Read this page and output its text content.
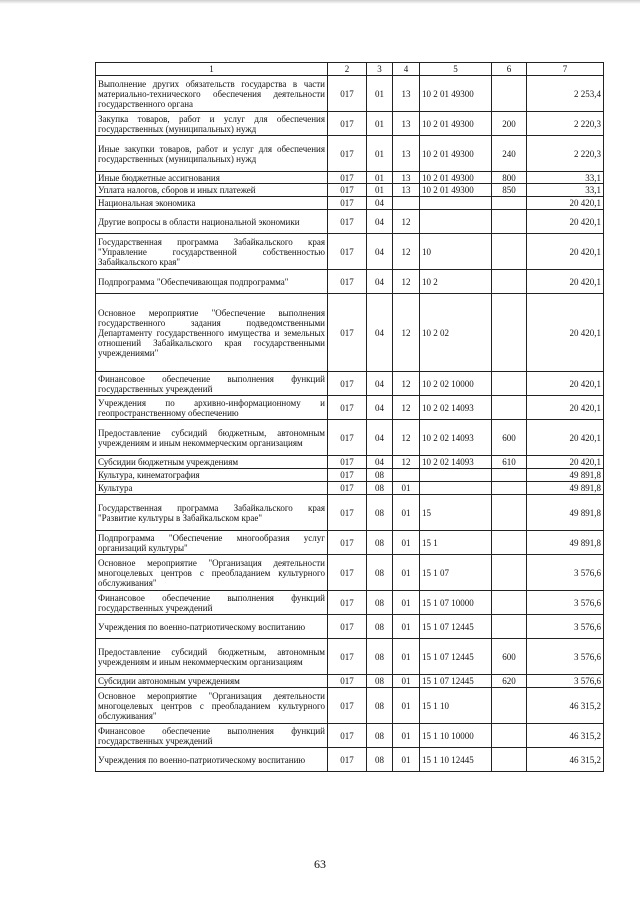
1	2	3	4	5	6	7
Выполнение других обязательств государства в части материально-технического обеспечения деятельности государственного органа	017	01	13	10 2 01 49300		2 253,4
Закупка товаров, работ и услуг для обеспечения государственных (муниципальных) нужд	017	01	13	10 2 01 49300	200	2 220,3
Иные закупки товаров, работ и услуг для обеспечения государственных (муниципальных) нужд	017	01	13	10 2 01 49300	240	2 220,3
Иные бюджетные ассигнования	017	01	13	10 2 01 49300	800	33,1
Уплата налогов, сборов и иных платежей	017	01	13	10 2 01 49300	850	33,1
Национальная экономика	017	04				20 420,1
Другие вопросы в области национальной экономики	017	04	12			20 420,1
Государственная программа Забайкальского края "Управление государственной собственностью Забайкальского края"	017	04	12	10		20 420,1
Подпрограмма "Обеспечивающая подпрограмма"	017	04	12	10 2		20 420,1
Основное мероприятие "Обеспечение выполнения государственного задания подведомственными Департаменту государственного имущества и земельных отношений Забайкальского края государственными учреждениями"	017	04	12	10 2 02		20 420,1
Финансовое обеспечение выполнения функций государственных учреждений	017	04	12	10 2 02 10000		20 420,1
Учреждения по архивно-информационному и геопространственному обеспечению	017	04	12	10 2 02 14093		20 420,1
Предоставление субсидий бюджетным, автономным учреждениям и иным некоммерческим организациям	017	04	12	10 2 02 14093	600	20 420,1
Субсидии бюджетным учреждениям	017	04	12	10 2 02 14093	610	20 420,1
Культура, кинематография	017	08				49 891,8
Культура	017	08	01			49 891,8
Государственная программа Забайкальского края "Развитие культуры в Забайкальском крае"	017	08	01	15		49 891,8
Подпрограмма "Обеспечение многообразия услуг организаций культуры"	017	08	01	15 1		49 891,8
Основное мероприятие "Организация деятельности многоцелевых центров с преобладанием культурного обслуживания"	017	08	01	15 1 07		3 576,6
Финансовое обеспечение выполнения функций государственных учреждений	017	08	01	15 1 07 10000		3 576,6
Учреждения по военно-патриотическому воспитанию	017	08	01	15 1 07 12445		3 576,6
Предоставление субсидий бюджетным, автономным учреждениям и иным некоммерческим организациям	017	08	01	15 1 07 12445	600	3 576,6
Субсидии автономным учреждениям	017	08	01	15 1 07 12445	620	3 576,6
Основное мероприятие "Организация деятельности многоцелевых центров с преобладанием культурного обслуживания"	017	08	01	15 1 10		46 315,2
Финансовое обеспечение выполнения функций государственных учреждений	017	08	01	15 1 10 10000		46 315,2
Учреждения по военно-патриотическому воспитанию	017	08	01	15 1 10 12445		46 315,2
63
